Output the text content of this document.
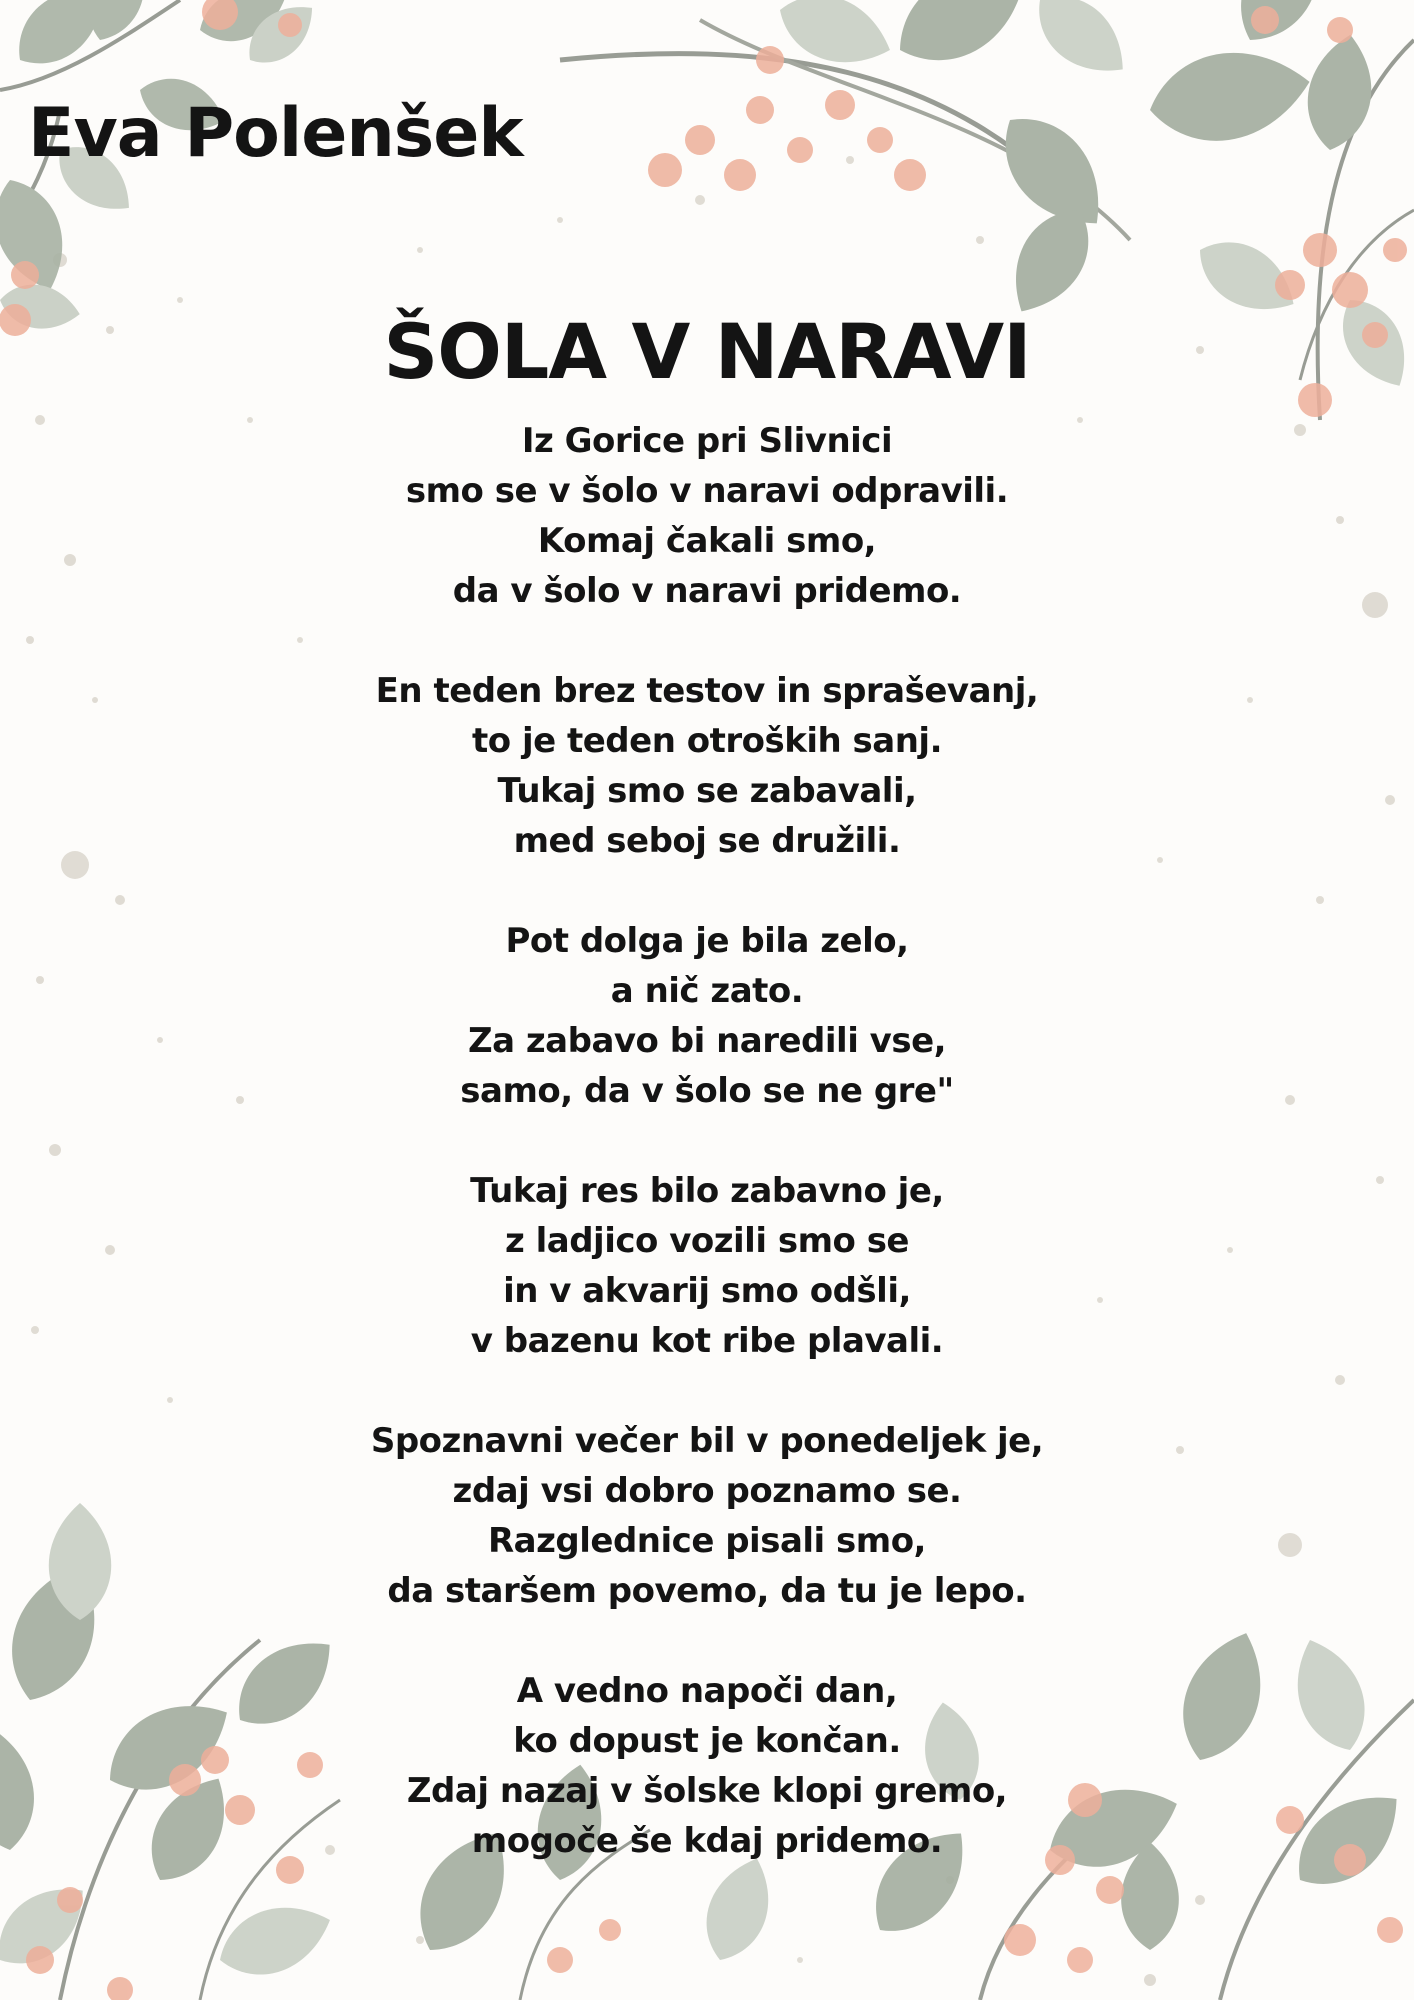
Eva Polenšek
ŠOLA V NARAVI
Iz Gorice pri Slivnici
smo se v šolo v naravi odpravili.
Komaj čakali smo,
da v šolo v naravi pridemo.
En teden brez testov in spraševanj,
to je teden otroških sanj.
Tukaj smo se zabavali,
med seboj se družili.
Pot dolga je bila zelo,
a nič zato.
Za zabavo bi naredili vse,
samo, da v šolo se ne gre"
Tukaj res bilo zabavno je,
z ladjico vozili smo se
in v akvarij smo odšli,
v bazenu kot ribe plavali.
Spoznavni večer bil v ponedeljek je,
zdaj vsi dobro poznamo se.
Razglednice pisali smo,
da staršem povemo, da tu je lepo.
A vedno napoči dan,
ko dopust je končan.
Zdaj nazaj v šolske klopi gremo,
mogoče še kdaj pridemo.
